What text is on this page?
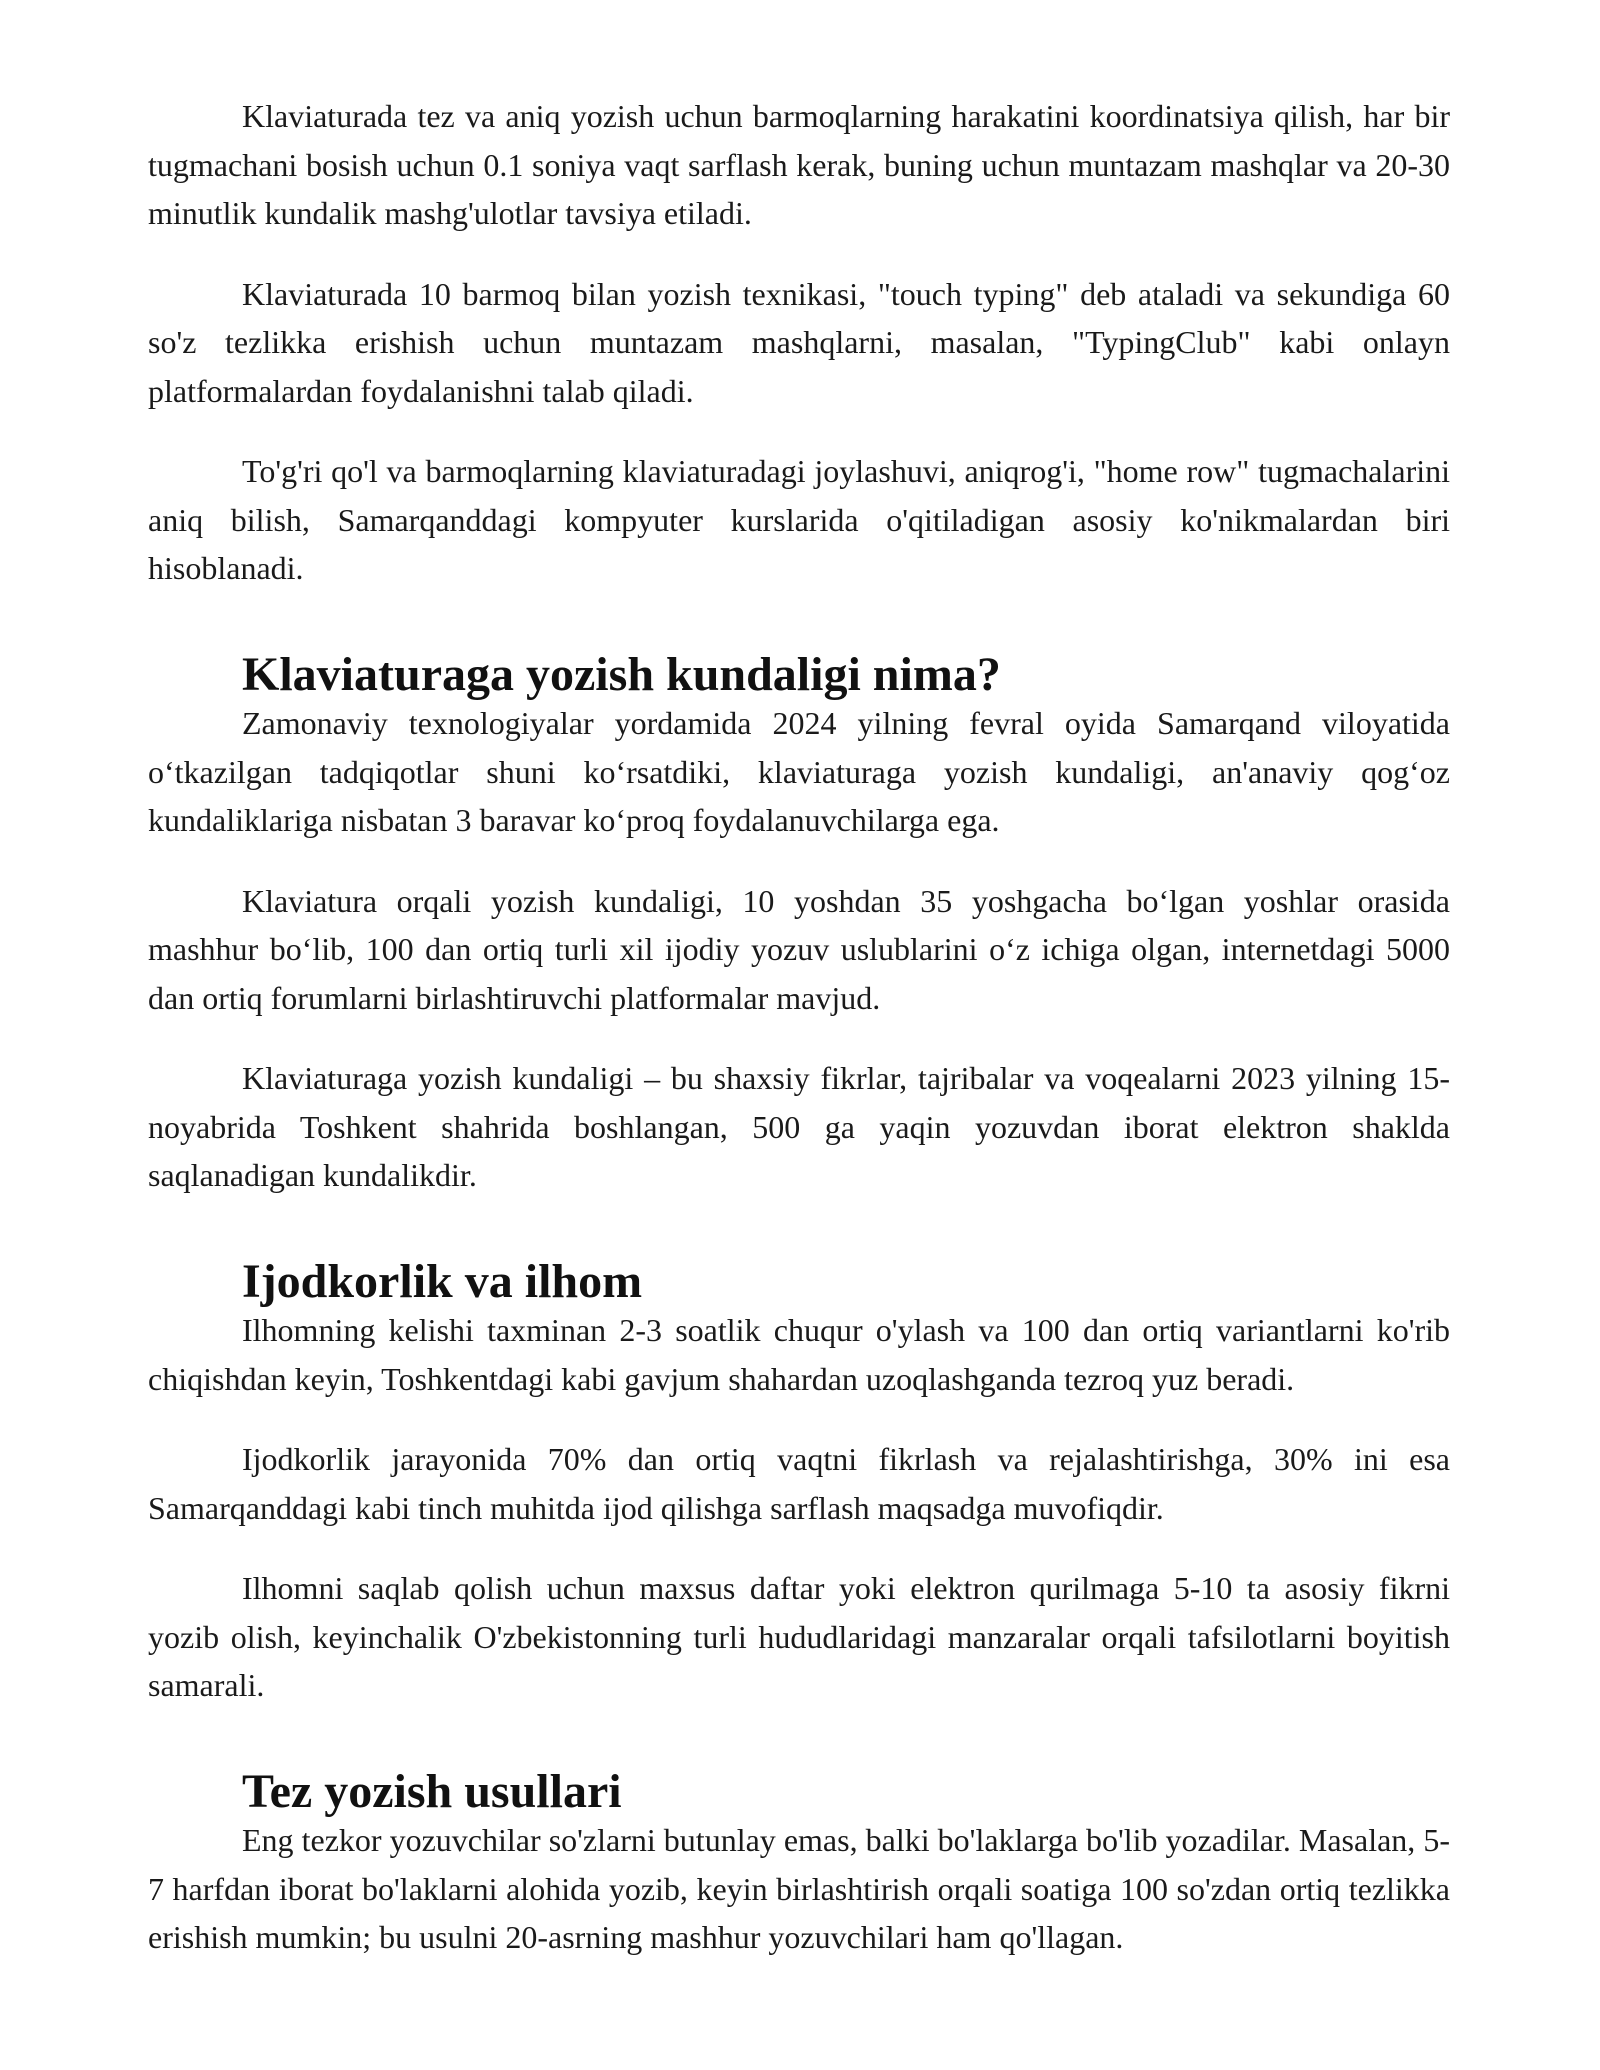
Klaviaturada tez va aniq yozish uchun barmoqlarning harakatini koordinatsiya qilish, har bir tugmachani bosish uchun 0.1 soniya vaqt sarflash kerak, buning uchun muntazam mashqlar va 20-30 minutlik kundalik mashg'ulotlar tavsiya etiladi.

Klaviaturada 10 barmoq bilan yozish texnikasi, "touch typing" deb ataladi va sekundiga 60 so'z tezlikka erishish uchun muntazam mashqlarni, masalan, "TypingClub" kabi onlayn platformalardan foydalanishni talab qiladi.

To'g'ri qo'l va barmoqlarning klaviaturadagi joylashuvi, aniqrog'i, "home row" tugmachalarini aniq bilish, Samarqanddagi kompyuter kurslarida o'qitiladigan asosiy ko'nikmalardan biri hisoblanadi.

Klaviaturaga yozish kundaligi nima?

Zamonaviy texnologiyalar yordamida 2024 yilning fevral oyida Samarqand viloyatida o‘tkazilgan tadqiqotlar shuni ko‘rsatdiki, klaviaturaga yozish kundaligi, an'anaviy qog‘oz kundaliklariga nisbatan 3 baravar ko‘proq foydalanuvchilarga ega.

Klaviatura orqali yozish kundaligi, 10 yoshdan 35 yoshgacha bo‘lgan yoshlar orasida mashhur bo‘lib, 100 dan ortiq turli xil ijodiy yozuv uslublarini o‘z ichiga olgan, internetdagi 5000 dan ortiq forumlarni birlashtiruvchi platformalar mavjud.

Klaviaturaga yozish kundaligi – bu shaxsiy fikrlar, tajribalar va voqealarni 2023 yilning 15-noyabrida Toshkent shahrida boshlangan, 500 ga yaqin yozuvdan iborat elektron shaklda saqlanadigan kundalikdir.

Ijodkorlik va ilhom

Ilhomning kelishi taxminan 2-3 soatlik chuqur o'ylash va 100 dan ortiq variantlarni ko'rib chiqishdan keyin, Toshkentdagi kabi gavjum shahardan uzoqlashganda tezroq yuz beradi.

Ijodkorlik jarayonida 70% dan ortiq vaqtni fikrlash va rejalashtirishga, 30% ini esa Samarqanddagi kabi tinch muhitda ijod qilishga sarflash maqsadga muvofiqdir.

Ilhomni saqlab qolish uchun maxsus daftar yoki elektron qurilmaga 5-10 ta asosiy fikrni yozib olish, keyinchalik O'zbekistonning turli hududlaridagi manzaralar orqali tafsilotlarni boyitish samarali.

Tez yozish usullari

Eng tezkor yozuvchilar so'zlarni butunlay emas, balki bo'laklarga bo'lib yozadilar. Masalan, 5-7 harfdan iborat bo'laklarni alohida yozib, keyin birlashtirish orqali soatiga 100 so'zdan ortiq tezlikka erishish mumkin; bu usulni 20-asrning mashhur yozuvchilari ham qo'llagan.
